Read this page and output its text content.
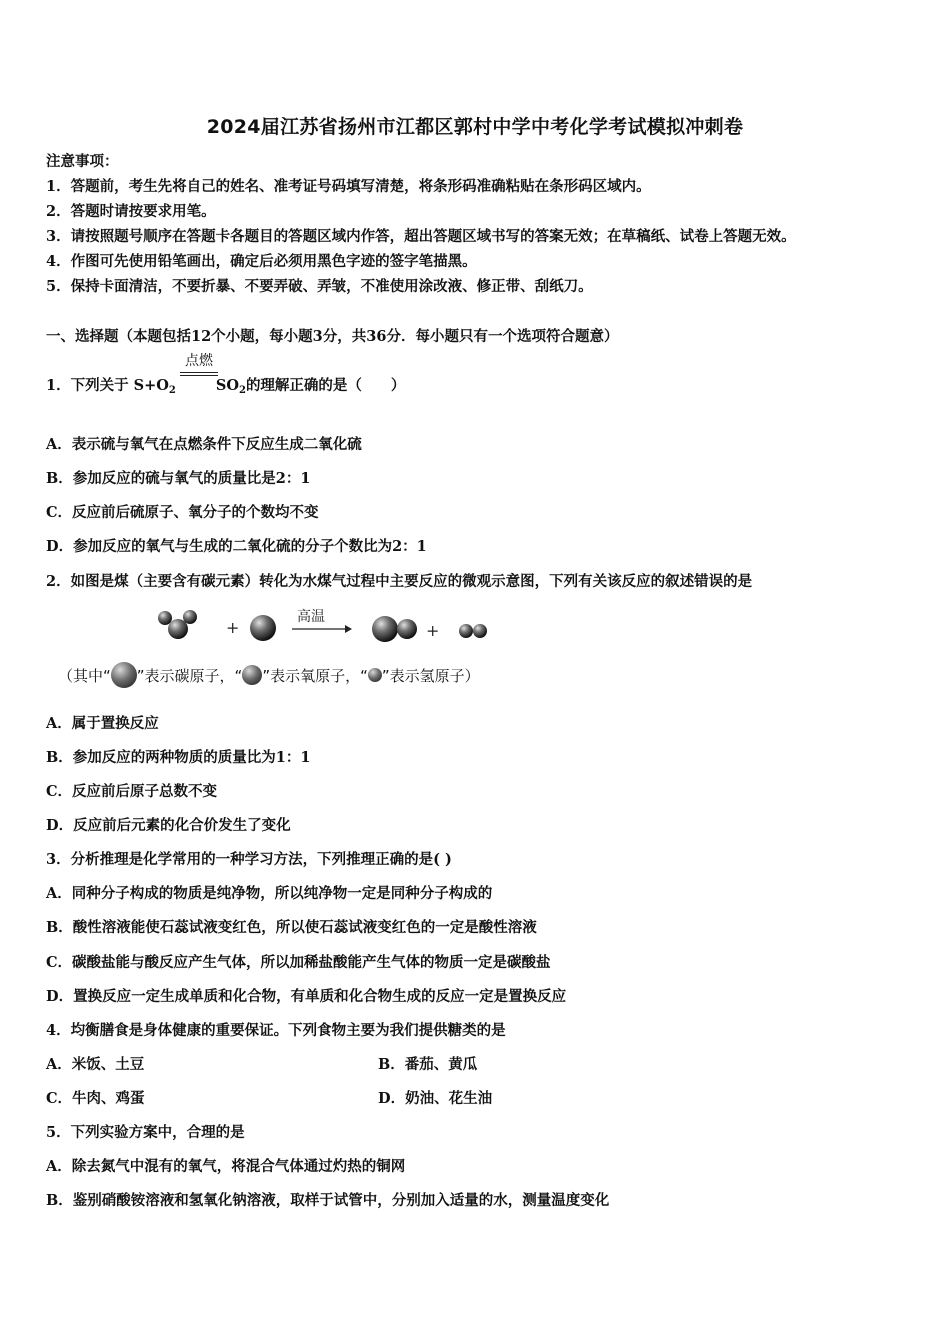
2024届江苏省扬州市江都区郭村中学中考化学考试模拟冲刺卷
注意事项：
1．答题前，考生先将自己的姓名、准考证号码填写清楚，将条形码准确粘贴在条形码区域内。
2．答题时请按要求用笔。
3．请按照题号顺序在答题卡各题目的答题区域内作答，超出答题区域书写的答案无效；在草稿纸、试卷上答题无效。
4．作图可先使用铅笔画出，确定后必须用黑色字迹的签字笔描黑。
5．保持卡面清洁，不要折暴、不要弄破、弄皱，不准使用涂改液、修正带、刮纸刀。
一、选择题（本题包括12个小题，每小题3分，共36分．每小题只有一个选项符合题意）
1．下列关于 $S+O_2$	$SO_2$的理解正确的是（　　）
点燃
A．表示硫与氧气在点燃条件下反应生成二氧化硫
B．参加反应的硫与氧气的质量比是2：1
C．反应前后硫原子、氧分子的个数均不变
D．参加反应的氧气与生成的二氧化硫的分子个数比为2：1
2．如图是煤（主要含有碳元素）转化为水煤气过程中主要反应的微观示意图，下列有关该反应的叙述错误的是
+
高温
+
（其中“ ”表示碳原子，“ ”表示氧原子，“ ”表示氢原子）
A．属于置换反应
B．参加反应的两种物质的质量比为1：1
C．反应前后原子总数不变
D．反应前后元素的化合价发生了变化
3．分析推理是化学常用的一种学习方法，下列推理正确的是( )
A．同种分子构成的物质是纯净物，所以纯净物一定是同种分子构成的
B．酸性溶液能使石蕊试液变红色，所以使石蕊试液变红色的一定是酸性溶液
C．碳酸盐能与酸反应产生气体，所以加稀盐酸能产生气体的物质一定是碳酸盐
D．置换反应一定生成单质和化合物，有单质和化合物生成的反应一定是置换反应
4．均衡膳食是身体健康的重要保证。下列食物主要为我们提供糖类的是
A．米饭、土豆	B．番茄、黄瓜
C．牛肉、鸡蛋	D．奶油、花生油
5．下列实验方案中，合理的是
A．除去氮气中混有的氧气，将混合气体通过灼热的铜网
B．鉴别硝酸铵溶液和氢氧化钠溶液，取样于试管中，分别加入适量的水，测量温度变化
